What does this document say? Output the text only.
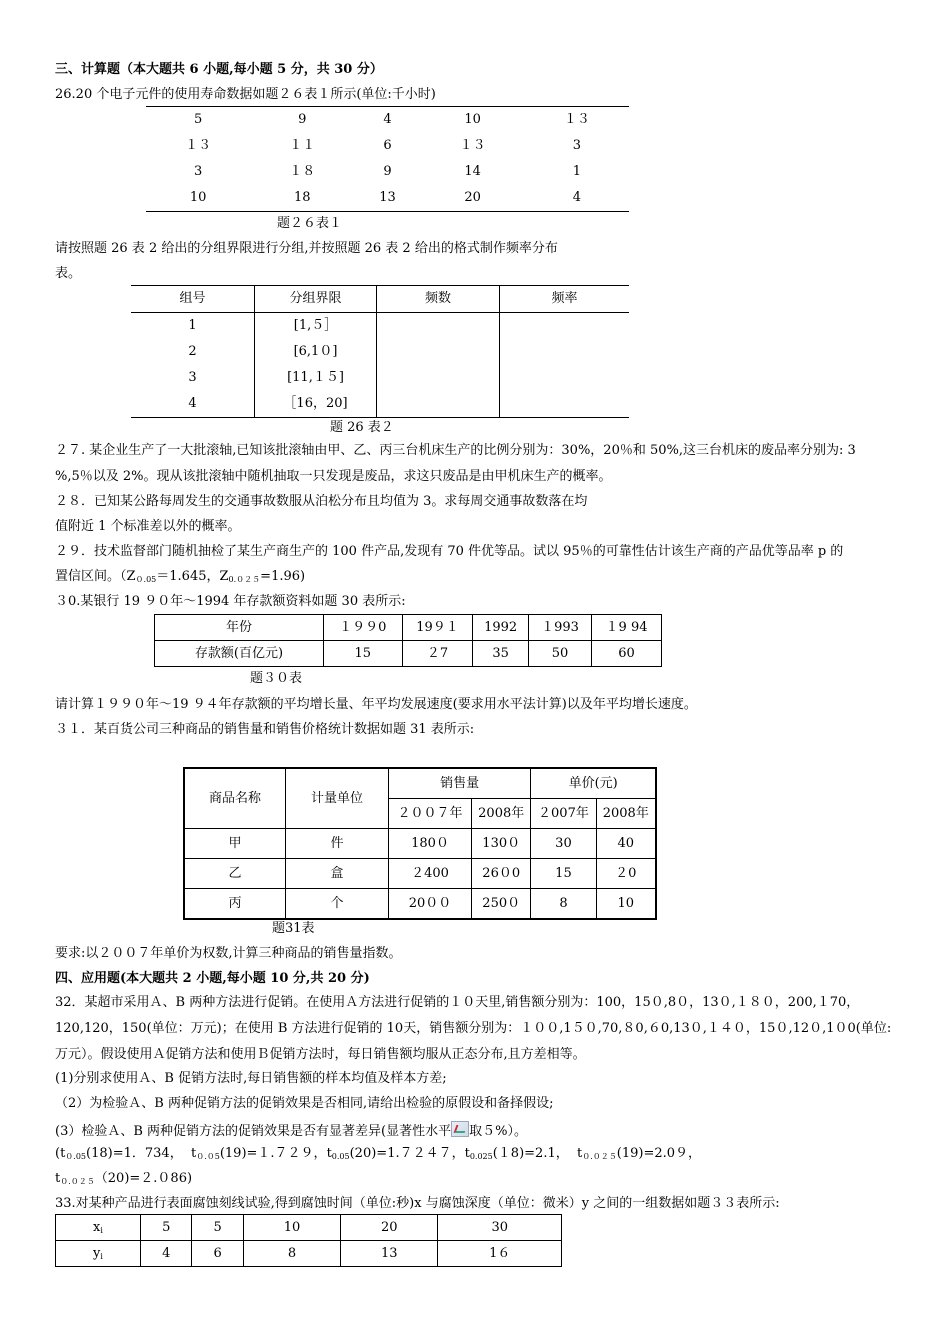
三、计算题（本大题共 6 小题,每小题 5 分，共 30 分）
26.20 个电子元件的使用寿命数据如题２６表１所示(单位:千小时)
5	9	4	10	１３
１３	１１	6	１３	3
3	１８	9	14	1
10	18	13	20	4
题２６表１
请按照题 26 表 2 给出的分组界限进行分组,并按照题 26 表 2 给出的格式制作频率分布
表。
组号	分组界限	频数	频率
1	[1,５］		
2	[6,1０]		
3	[11,１５]		
4	［16，20]		
题 26 表２
２７. 某企业生产了一大批滚轴,已知该批滚轴由甲、乙、丙三台机床生产的比例分别为：30%，20％和 50%,这三台机床的废品率分别为: 3 %,5％以及 2%。现从该批滚轴中随机抽取一只发现是废品，求这只废品是由甲机床生产的概率。
２８．已知某公路每周发生的交通事故数服从泊松分布且均值为 3。求每周交通事故数落在均
值附近 1 个标准差以外的概率。
２９．技术监督部门随机抽检了某生产商生产的 100 件产品,发现有 70 件优等品。试以 95％的可靠性估计该生产商的产品优等品率 p 的
置信区间。（$Z_{0.05}=1.645$，$Z_{0.025}=1.96$)
３0.某银行 19 ９０年～1994 年存款额资料如题 30 表所示:
年份	１９９0	19９１	1992	１993	１9 94
存款额(百亿元)	15	２7	35	50	60
题３０表
请计算１９９０年～19 ９４年存款额的平均增长量、年平均发展速度(要求用水平法计算)以及年平均增长速度。
３１．某百货公司三种商品的销售量和销售价格统计数据如题 31 表所示:
商品名称	计量单位	销售量		单价(元)	
		２００７年	2008年	２007年	2008年
甲	件	180０	130０	30	40
乙	盒	２400	26０0	15	２0
丙	个	20００	250０	8	10
题31表
要求:以２００７年单价为权数,计算三种商品的销售量指数。
四、应用题(本大题共 2 小题,每小题 10 分,共 20 分)
32．某超市采用Ａ、B 两种方法进行促销。在使用Ａ方法进行促销的１０天里,销售额分别为：100，15０,8０，13０,１８０，200,１70，120,120，150(单位：万元)；在使用 B 方法进行促销的 10天，销售额分别为：１００,1５０,70,８0,６0,13０,１４０，15０,12０,1０0(单位:万元）。假设使用Ａ促销方法和使用Ｂ促销方法时，每日销售额均服从正态分布,且方差相等。
(1)分别求使用Ａ、B 促销方法时,每日销售额的样本均值及样本方差;
（2）为检验Ａ、B 两种促销方法的促销效果是否相同,请给出检验的原假设和备择假设;
(3）检验Ａ、B 两种促销方法的促销效果是否有显著差异(显著性水平 取５%）。
($t_{0.05}(18)=1$．734， $t_{0.05}(19)=1.729$，$t_{0.05}(20)=1.7247$，$t_{0.025}(18)=2.1$， $t_{0.025}(19)=2.09$，
$t_{0.025}(20)=2.086$)
33.对某种产品进行表面腐蚀刻线试验,得到腐蚀时间（单位:秒)x 与腐蚀深度（单位：微米）y 之间的一组数据如题３３表所示:
$x_i$	5	5	10	20	30
$y_i$	4	6	8	13	1６
